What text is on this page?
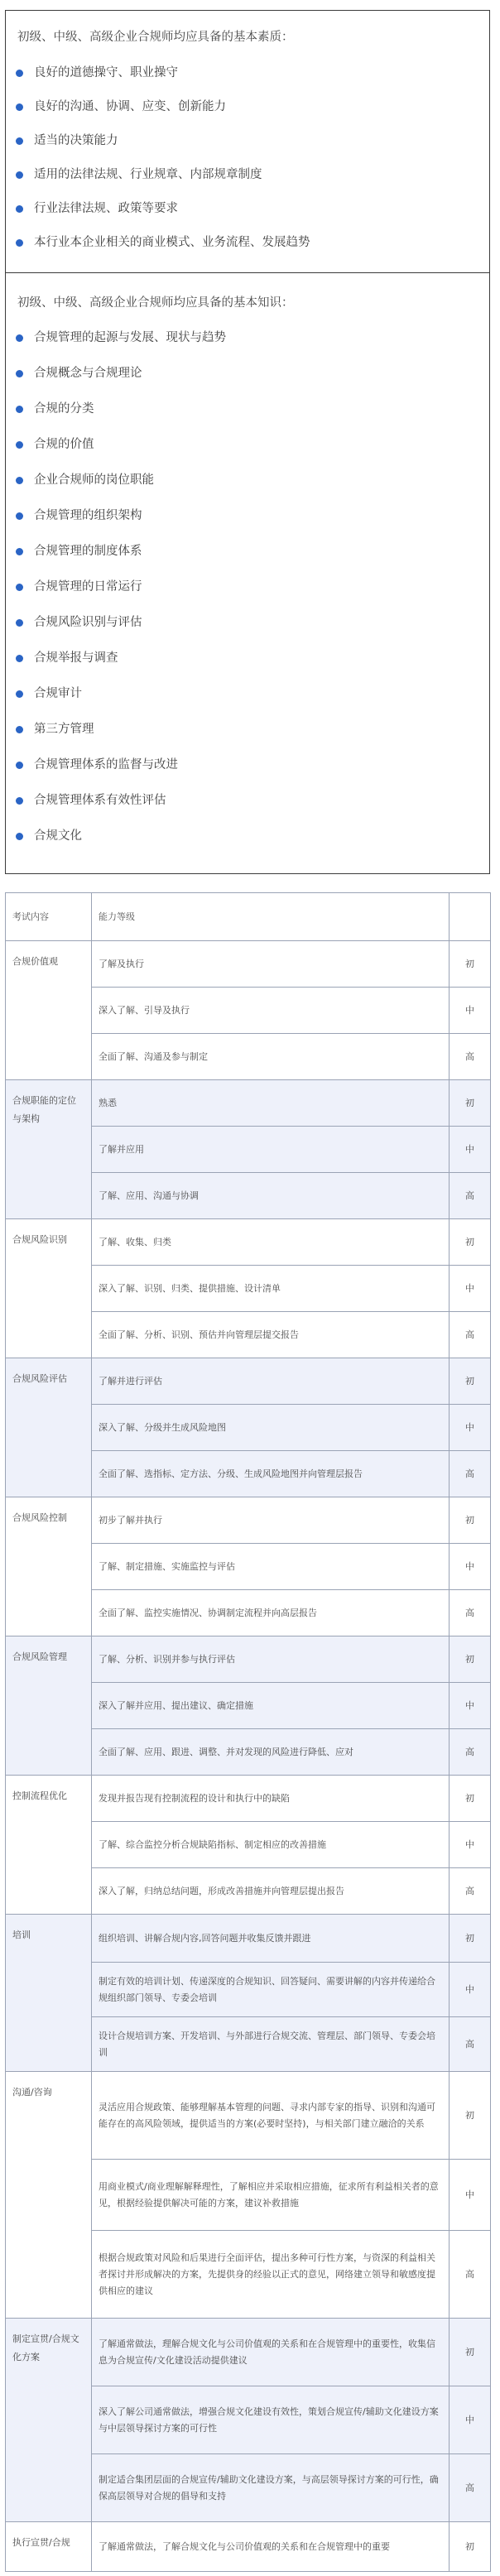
初级、中级、高级企业合规师均应具备的基本素质：
良好的道德操守、职业操守
良好的沟通、协调、应变、创新能力
适当的决策能力
适用的法律法规、行业规章、内部规章制度
行业法律法规、政策等要求
本行业本企业相关的商业模式、业务流程、发展趋势
初级、中级、高级企业合规师均应具备的基本知识：
合规管理的起源与发展、现状与趋势
合规概念与合规理论
合规的分类
合规的价值
企业合规师的岗位职能
合规管理的组织架构
合规管理的制度体系
合规管理的日常运行
合规风险识别与评估
合规举报与调查
合规审计
第三方管理
合规管理体系的监督与改进
合规管理体系有效性评估
合规文化
考试内容	能力等级	
合规价值观	了解及执行	初
	深入了解、引导及执行	中
	全面了解、沟通及参与制定	高
合规职能的定位与架构	熟悉	初
	了解并应用	中
	了解、应用、沟通与协调	高
合规风险识别	了解、收集、归类	初
	深入了解、识别、归类、提供措施、设计清单	中
	全面了解、分析、识别、预估并向管理层提交报告	高
合规风险评估	了解并进行评估	初
	深入了解、分级并生成风险地图	中
	全面了解、选指标、定方法、分级、生成风险地图并向管理层报告	高
合规风险控制	初步了解并执行	初
	了解、制定措施、实施监控与评估	中
	全面了解、监控实施情况、协调制定流程并向高层报告	高
合规风险管理	了解、分析、识别并参与执行评估	初
	深入了解并应用、提出建议、确定措施	中
	全面了解、应用、跟进、调整、并对发现的风险进行降低、应对	高
控制流程优化	发现并报告现有控制流程的设计和执行中的缺陷	初
	了解、综合监控分析合规缺陷指标、制定相应的改善措施	中
	深入了解，归纳总结问题，形成改善措施并向管理层提出报告	高
培训	组织培训、讲解合规内容,回答问题并收集反馈并跟进	初
	制定有效的培训计划、传递深度的合规知识、回答疑问、需要讲解的内容并传递给合规组织部门领导、专委会培训	中
	设计合规培训方案、开发培训、与外部进行合规交流、管理层、部门领导、专委会培训	高
沟通/咨询	灵活应用合规政策、能够理解基本管理的问题、寻求内部专家的指导、识别和沟通可能存在的高风险领域，提供适当的方案(必要时坚持)，与相关部门建立融洽的关系	初
	用商业模式/商业理解解释理性，了解相应并采取相应措施，征求所有利益相关者的意见，根据经验提供解决可能的方案，建议补救措施	中
	根据合规政策对风险和后果进行全面评估，提出多种可行性方案，与资深的利益相关者探讨并形成解决的方案，先提供身的经验以正式的意见，网络建立领导和敏感度提供相应的建议	高
制定宣贯/合规文化方案	了解通常做法，理解合规文化与公司价值观的关系和在合规管理中的重要性，收集信息为合规宣传/文化建设活动提供建议	初
	深入了解公司通常做法，增强合规文化建设有效性，策划合规宣传/辅助文化建设方案与中层领导探讨方案的可行性	中
	制定适合集团层面的合规宣传/辅助文化建设方案，与高层领导探讨方案的可行性，确保高层领导对合规的倡导和支持	高
执行宣贯/合规	了解通常做法，了解合规文化与公司价值观的关系和在合规管理中的重要	初
